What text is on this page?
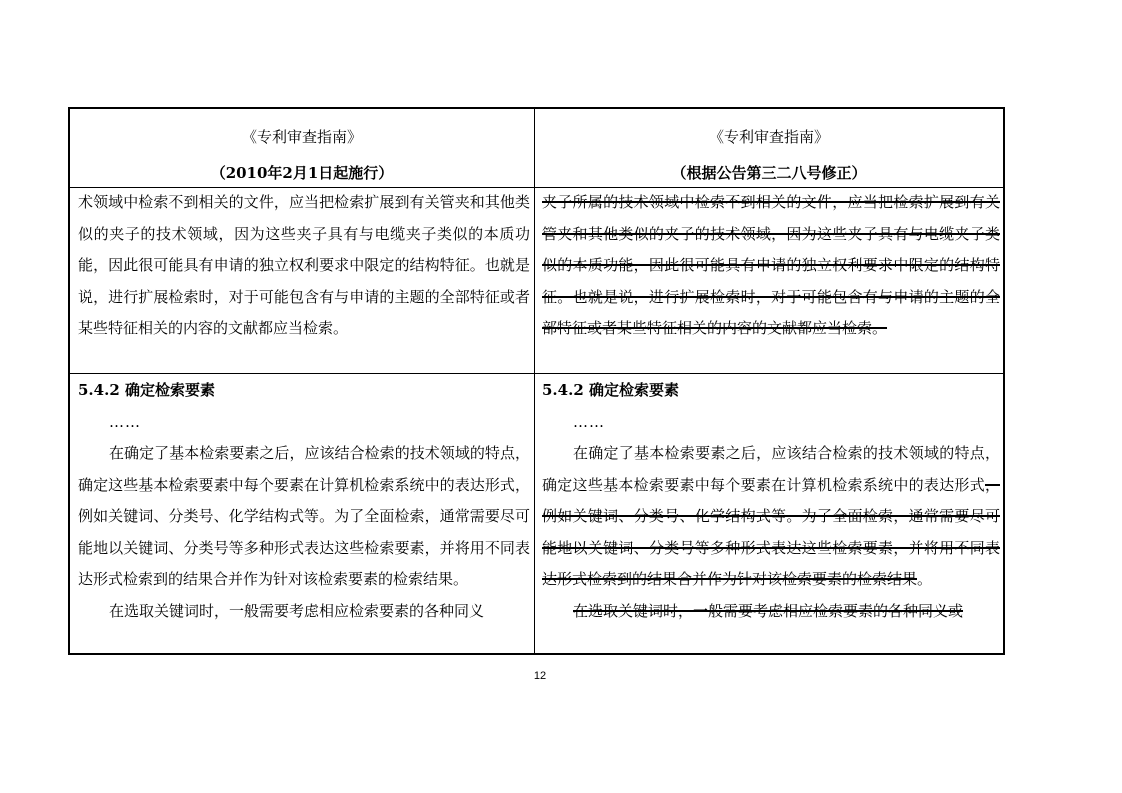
《专利审查指南》
（2010年2月1日起施行）
《专利审查指南》
（根据公告第三二八号修正）

术领域中检索不到相关的文件，应当把检索扩展到有关管夹和其他类似的夹子的技术领域，因为这些夹子具有与电缆夹子类似的本质功能，因此很可能具有申请的独立权利要求中限定的结构特征。也就是说，进行扩展检索时，对于可能包含有与申请的主题的全部特征或者某些特征相关的内容的文献都应当检索。

夹子所属的技术领域中检索不到相关的文件，应当把检索扩展到有关管夹和其他类似的夹子的技术领域，因为这些夹子具有与电缆夹子类似的本质功能，因此很可能具有申请的独立权利要求中限定的结构特征。也就是说，进行扩展检索时，对于可能包含有与申请的主题的全部特征或者某些特征相关的内容的文献都应当检索。

5.4.2 确定检索要素

……

在确定了基本检索要素之后，应该结合检索的技术领域的特点，确定这些基本检索要素中每个要素在计算机检索系统中的表达形式，例如关键词、分类号、化学结构式等。为了全面检索，通常需要尽可能地以关键词、分类号等多种形式表达这些检索要素，并将用不同表达形式检索到的结果合并作为针对该检索要素的检索结果。

在选取关键词时，一般需要考虑相应检索要素的各种同义

5.4.2 确定检索要素

……

在确定了基本检索要素之后，应该结合检索的技术领域的特点，确定这些基本检索要素中每个要素在计算机检索系统中的表达形式，例如关键词、分类号、化学结构式等。为了全面检索，通常需要尽可能地以关键词、分类号等多种形式表达这些检索要素，并将用不同表达形式检索到的结果合并作为针对该检索要素的检索结果。

在选取关键词时，一般需要考虑相应检索要素的各种同义或

12
